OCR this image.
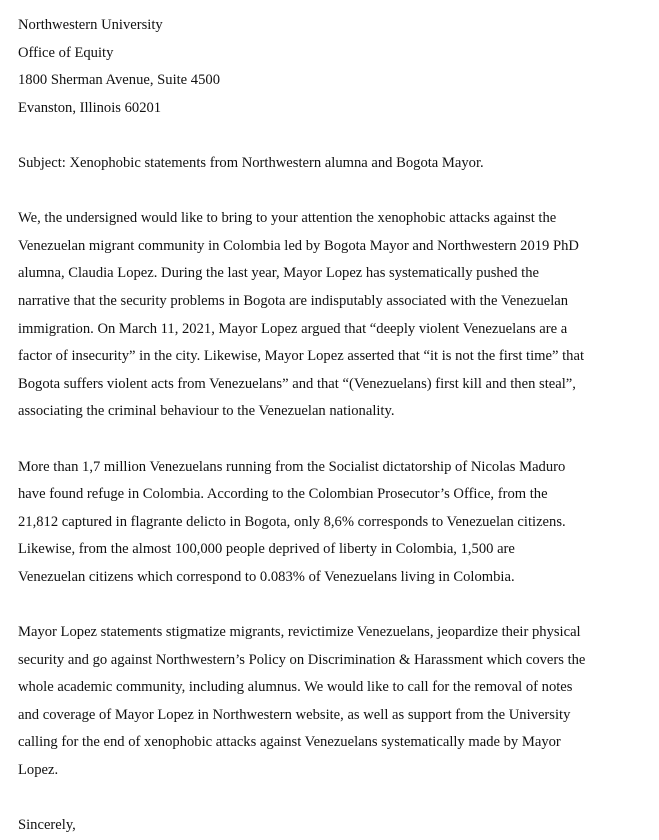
Northwestern University
Office of Equity
1800 Sherman Avenue, Suite 4500
Evanston, Illinois 60201
Subject: Xenophobic statements from Northwestern alumna and Bogota Mayor.
We, the undersigned would like to bring to your attention the xenophobic attacks against the
Venezuelan migrant community in Colombia led by Bogota Mayor and Northwestern 2019 PhD
alumna, Claudia Lopez. During the last year, Mayor Lopez has systematically pushed the
narrative that the security problems in Bogota are indisputably associated with the Venezuelan
immigration. On March 11, 2021, Mayor Lopez argued that “deeply violent Venezuelans are a
factor of insecurity” in the city. Likewise, Mayor Lopez asserted that “it is not the first time” that
Bogota suffers violent acts from Venezuelans” and that “(Venezuelans) first kill and then steal”,
associating the criminal behaviour to the Venezuelan nationality.
More than 1,7 million Venezuelans running from the Socialist dictatorship of Nicolas Maduro
have found refuge in Colombia. According to the Colombian Prosecutor’s Office, from the
21,812 captured in flagrante delicto in Bogota, only 8,6% corresponds to Venezuelan citizens.
Likewise, from the almost 100,000 people deprived of liberty in Colombia, 1,500 are
Venezuelan citizens which correspond to 0.083% of Venezuelans living in Colombia.
Mayor Lopez statements stigmatize migrants, revictimize Venezuelans, jeopardize their physical
security and go against Northwestern’s Policy on Discrimination & Harassment which covers the
whole academic community, including alumnus. We would like to call for the removal of notes
and coverage of Mayor Lopez in Northwestern website, as well as support from the University
calling for the end of xenophobic attacks against Venezuelans systematically made by Mayor
Lopez.
Sincerely,
